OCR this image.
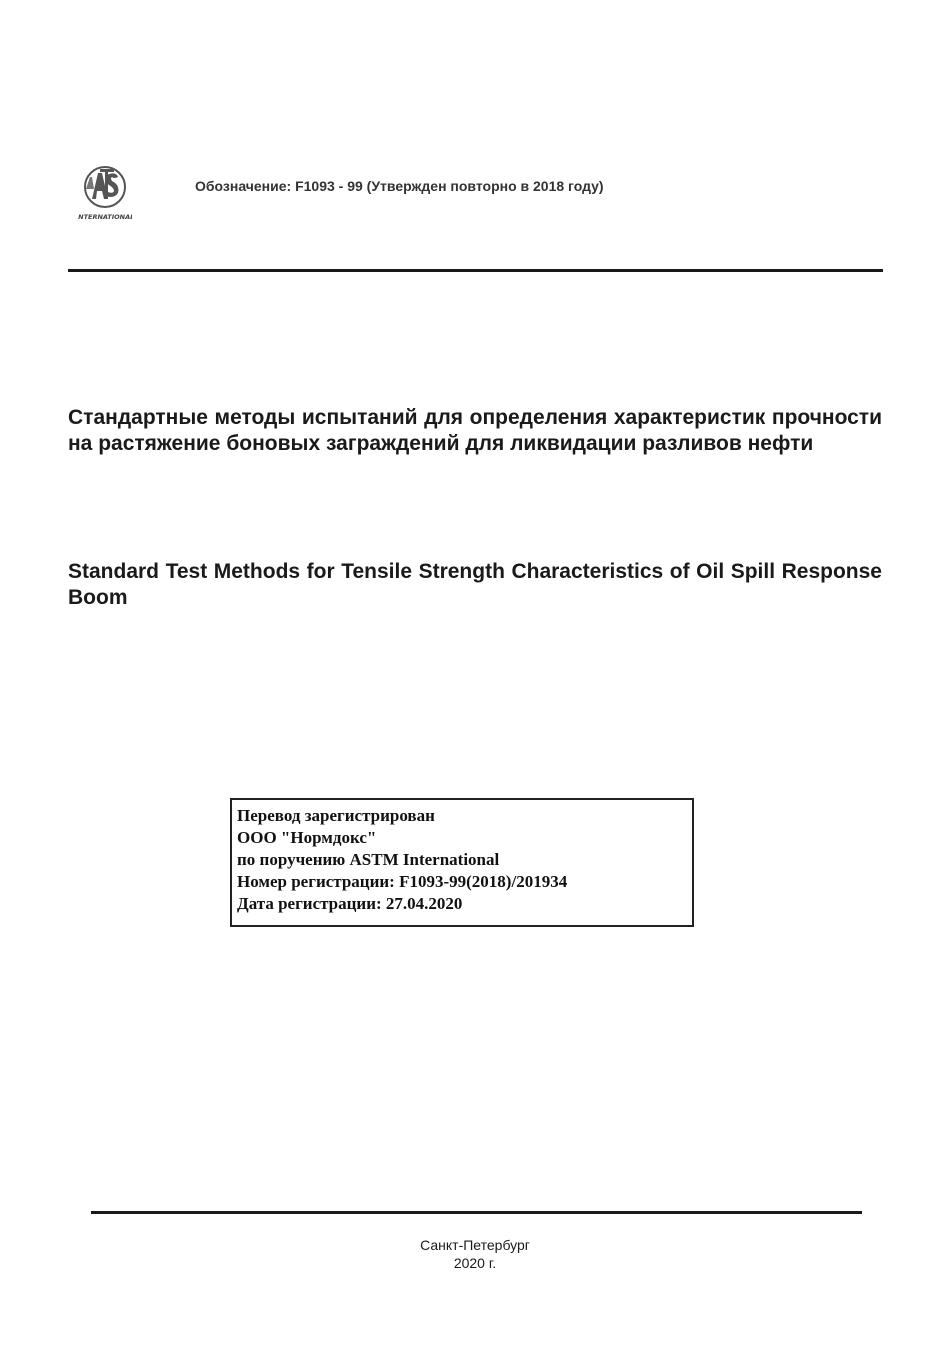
INTERNATIONAL
Обозначение: F1093 - 99 (Утвержден повторно в 2018 году)
Стандартные методы испытаний для определения характеристик прочности на растяжение боновых заграждений для ликвидации разливов нефти
Standard Test Methods for Tensile Strength Characteristics of Oil Spill Response Boom
Перевод зарегистрирован
ООО "Нормдокс"
по поручению ASTM International
Номер регистрации: F1093-99(2018)/201934
Дата регистрации: 27.04.2020
Санкт-Петербург
2020 г.
